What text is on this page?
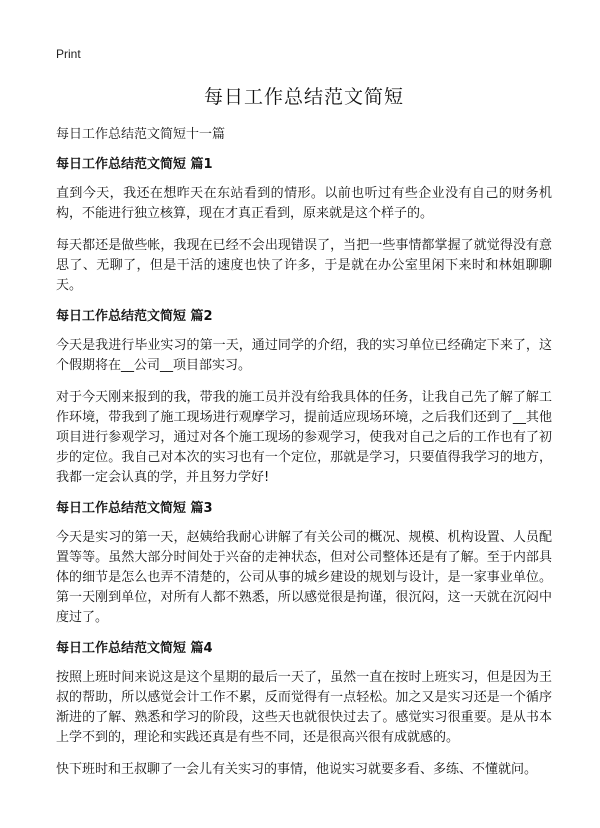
Print
每日工作总结范文简短
每日工作总结范文简短十一篇
每日工作总结范文简短 篇1

直到今天，我还在想昨天在东站看到的情形。以前也听过有些企业没有自己的财务机构，不能进行独立核算，现在才真正看到，原来就是这个样子的。

每天都还是做些帐，我现在已经不会出现错误了，当把一些事情都掌握了就觉得没有意思了、无聊了，但是干活的速度也快了许多，于是就在办公室里闲下来时和林姐聊聊天。

每日工作总结范文简短 篇2

今天是我进行毕业实习的第一天，通过同学的介绍，我的实习单位已经确定下来了，这个假期将在__公司__项目部实习。

对于今天刚来报到的我，带我的施工员并没有给我具体的任务，让我自己先了解了解工作环境，带我到了施工现场进行观摩学习，提前适应现场环境，之后我们还到了__其他项目进行参观学习，通过对各个施工现场的参观学习，使我对自己之后的工作也有了初步的定位。我自己对本次的实习也有一个定位，那就是学习，只要值得我学习的地方，我都一定会认真的学，并且努力学好!

每日工作总结范文简短 篇3

今天是实习的第一天，赵姨给我耐心讲解了有关公司的概况、规模、机构设置、人员配置等等。虽然大部分时间处于兴奋的走神状态，但对公司整体还是有了解。至于内部具体的细节是怎么也弄不清楚的，公司从事的城乡建设的规划与设计，是一家事业单位。第一天刚到单位，对所有人都不熟悉，所以感觉很是拘谨，很沉闷，这一天就在沉闷中度过了。

每日工作总结范文简短 篇4

按照上班时间来说这是这个星期的最后一天了，虽然一直在按时上班实习，但是因为王叔的帮助，所以感觉会计工作不累，反而觉得有一点轻松。加之又是实习还是一个循序渐进的了解、熟悉和学习的阶段，这些天也就很快过去了。感觉实习很重要。是从书本上学不到的，理论和实践还真是有些不同，还是很高兴很有成就感的。

快下班时和王叔聊了一会儿有关实习的事情，他说实习就要多看、多练、不懂就问。
